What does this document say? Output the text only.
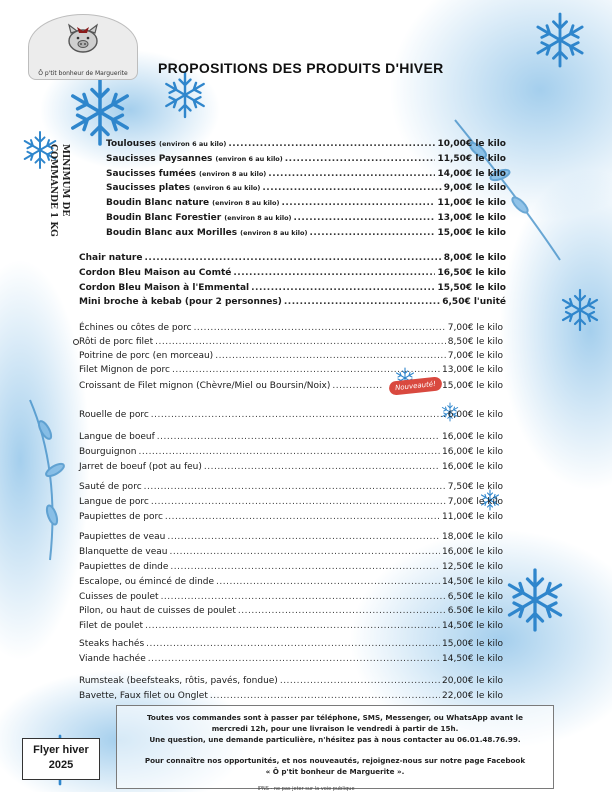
Ô p'tit bonheur de Marguerite	PROPOSITIONS DES PRODUITS D'HIVER
MINIMUM DE
COMMANDE 1 KG	Toulouses (environ 6 au kilo) .....	10,00€ le kilo
Saucisses Paysannes (environ 6 au kilo) .....	11,50€ le kilo
Saucisses fumées (environ 8 au kilo) .....	14,00€ le kilo
Saucisses plates (environ 6 au kilo) .....	9,00€ le kilo
Boudin Blanc nature (environ 8 au kilo) .....	11,00€ le kilo
Boudin Blanc Forestier (environ 8 au kilo) .....	13,00€ le kilo
Boudin Blanc aux Morilles (environ 8 au kilo) .....	15,00€ le kilo
Chair nature .....	8,00€ le kilo
Cordon Bleu Maison au Comté .....	16,50€ le kilo
Cordon Bleu Maison à l'Emmental .....	15,50€ le kilo
Mini broche à kebab (pour 2 personnes) .....	6,50€ l'unité
Échines ou côtes de porc .....	7,00€ le kilo
Rôti de porc filet .....	8,50€ le kilo
Poitrine de porc (en morceau) .....	7,00€ le kilo
Filet Mignon de porc .....	13,00€ le kilo
Croissant de Filet mignon (Chèvre/Miel ou Boursin/Noix) .....	Nouveauté! 15,00€ le kilo
Rouelle de porc .....	6,00€ le kilo
Langue de boeuf .....	16,00€ le kilo
Bourguignon .....	16,00€ le kilo
Jarret de boeuf (pot au feu) .....	16,00€ le kilo
Sauté de porc .....	7,50€ le kilo
Langue de porc .....	7,00€ le kilo
Paupiettes de porc .....	11,00€ le kilo
Paupiettes de veau .....	18,00€ le kilo
Blanquette de veau .....	16,00€ le kilo
Paupiettes de dinde .....	12,50€ le kilo
Escalope, ou émincé de dinde .....	14,50€ le kilo
Cuisses de poulet .....	6,50€ le kilo
Pilon, ou haut de cuisses de poulet .....	6.50€ le kilo
Filet de poulet .....	14,50€ le kilo
Steaks hachés .....	15,00€ le kilo
Viande hachée .....	14,50€ le kilo
Rumsteak (beefsteaks, rôtis, pavés, fondue) .....	20,00€ le kilo
Bavette, Faux filet ou Onglet .....	22,00€ le kilo

Toutes vos commandes sont à passer par téléphone, SMS, Messenger, ou WhatsApp avant le

mercredi 12h, pour une livraison le vendredi à partir de 15h.

Une question, une demande particulière, n'hésitez pas à nous contacter au 06.01.48.76.99.

Pour connaître nos opportunités, et nos nouveautés, rejoignez-nous sur notre page Facebook

« Ô p'tit bonheur de Marguerite ».

Flyer hiver
2025
IPNS - ne pas jeter sur la voie publique
